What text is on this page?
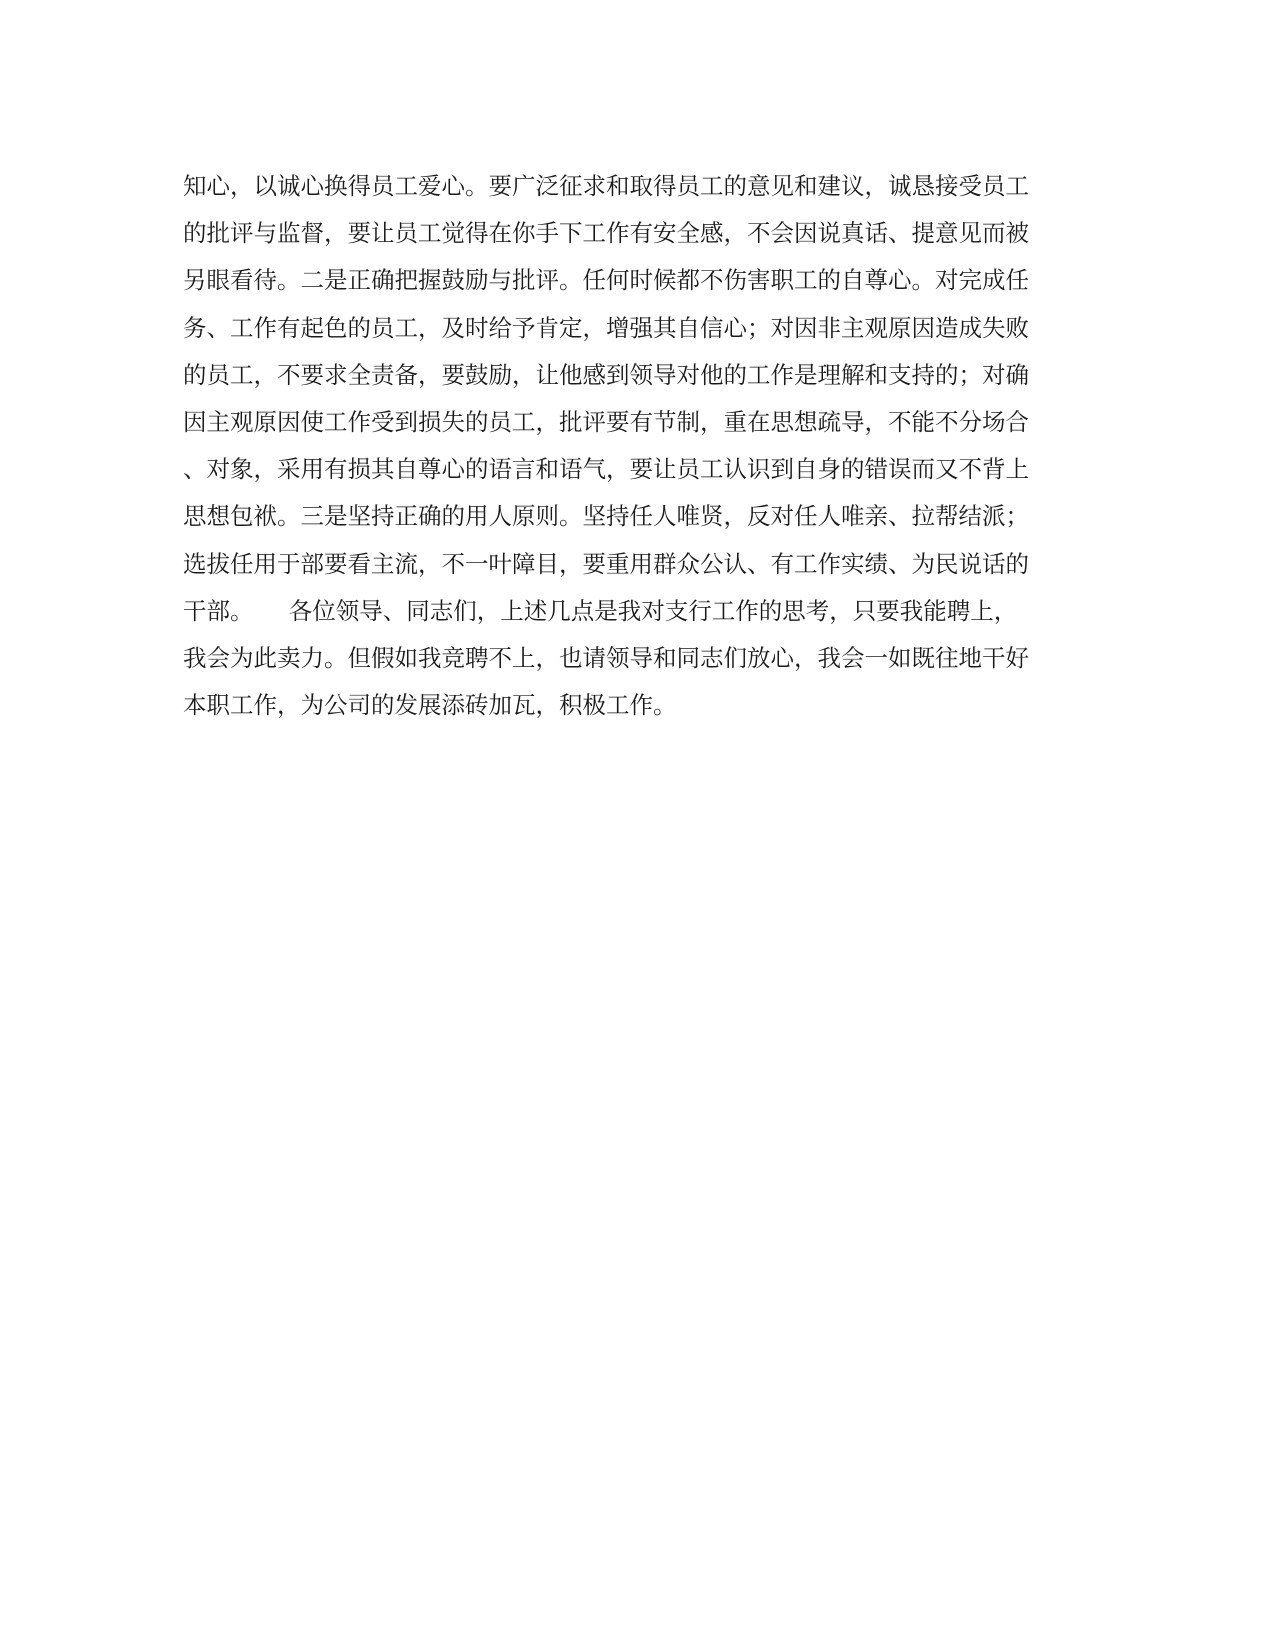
知心，以诚心换得员工爱心。要广泛征求和取得员工的意见和建议，诚恳接受员工
的批评与监督，要让员工觉得在你手下工作有安全感，不会因说真话、提意见而被
另眼看待。二是正确把握鼓励与批评。任何时候都不伤害职工的自尊心。对完成任
务、工作有起色的员工，及时给予肯定，增强其自信心；对因非主观原因造成失败
的员工，不要求全责备，要鼓励，让他感到领导对他的工作是理解和支持的；对确
因主观原因使工作受到损失的员工，批评要有节制，重在思想疏导，不能不分场合
、对象，采用有损其自尊心的语言和语气，要让员工认识到自身的错误而又不背上
思想包袱。三是坚持正确的用人原则。坚持任人唯贤，反对任人唯亲、拉帮结派；
选拔任用于部要看主流，不一叶障目，要重用群众公认、有工作实绩、为民说话的
干部。　　各位领导、同志们，上述几点是我对支行工作的思考，只要我能聘上，
我会为此卖力。但假如我竞聘不上，也请领导和同志们放心，我会一如既往地干好
本职工作，为公司的发展添砖加瓦，积极工作。
